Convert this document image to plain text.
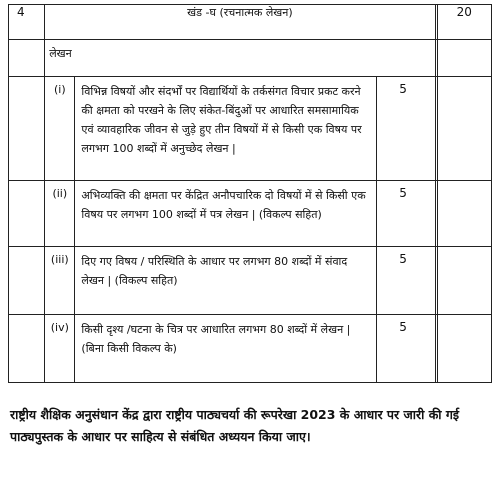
4	खंड -घ (रचनात्मक लेखन)				20
	लेखन				
	(i)	विभिन्न विषयों और संदर्भों पर विद्यार्थियों के तर्कसंगत विचार प्रकट करने की क्षमता को परखने के लिए संकेत-बिंदुओं पर आधारित समसामायिक एवं व्यावहारिक जीवन से जुड़े हुए तीन विषयों में से किसी एक विषय पर लगभग 100 शब्दों में अनुच्छेद लेखन |	5		
	(ii)	अभिव्यक्ति की क्षमता पर केंद्रित अनौपचारिक दो विषयों में से किसी एक विषय पर लगभग 100 शब्दों में पत्र लेखन | (विकल्प सहित)	5		
	(iii)	दिए गए विषय / परिस्थिति के आधार पर लगभग 80 शब्दों में संवाद लेखन | (विकल्प सहित)	5		
	(iv)	किसी दृश्य /घटना के चित्र पर आधारित लगभग 80 शब्दों में लेखन | (बिना किसी विकल्प के)	5		
राष्ट्रीय शैक्षिक अनुसंधान केंद्र द्वारा राष्ट्रीय पाठ्यचर्या की रूपरेखा 2023 के आधार पर जारी की गई पाठ्यपुस्तक के आधार पर साहित्य से संबंधित अध्ययन किया जाए।
